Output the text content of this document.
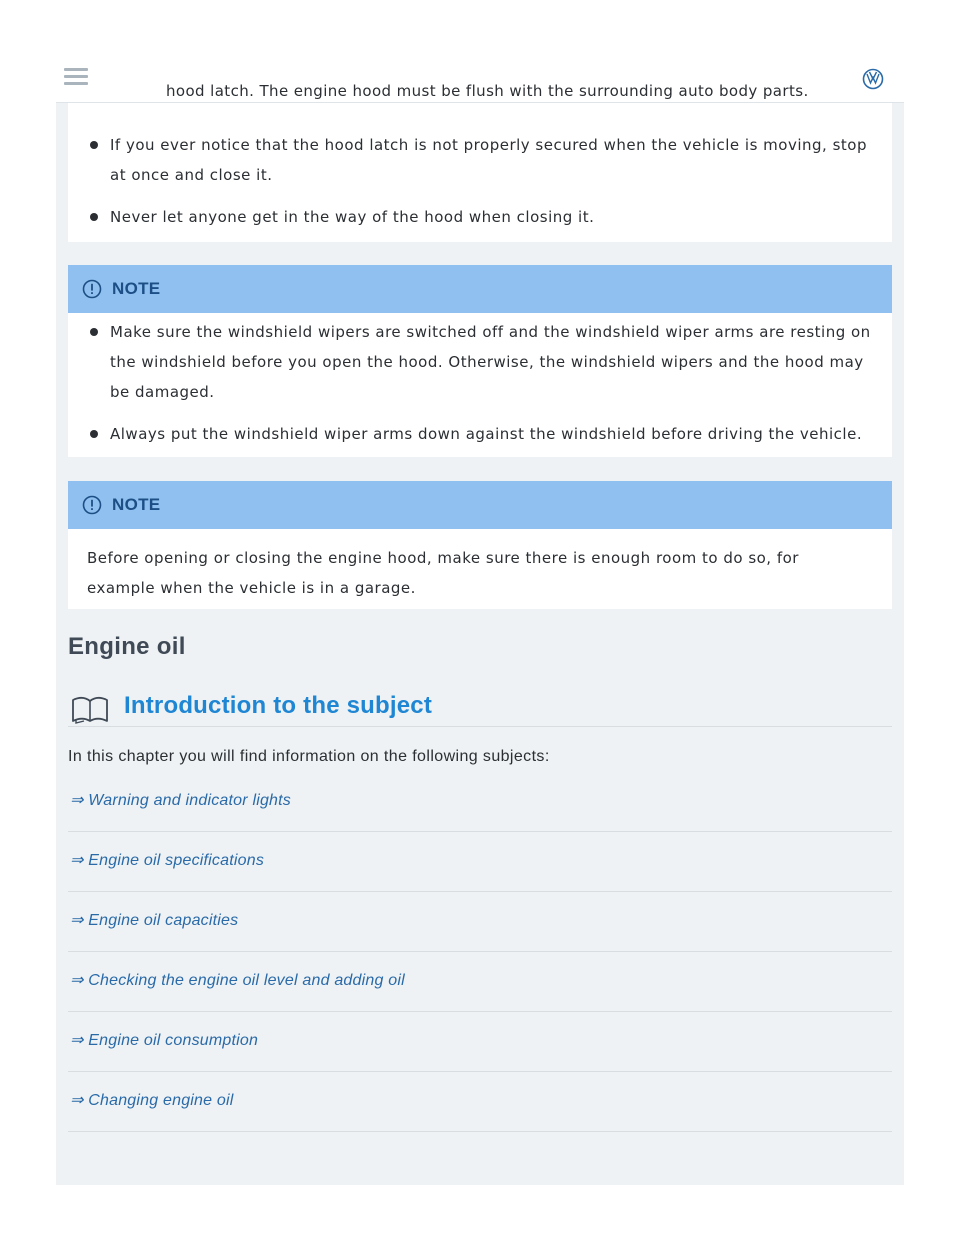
hood latch. The engine hood must be flush with the surrounding auto body parts.
If you ever notice that the hood latch is not properly secured when the vehicle is moving, stop at once and close it.
Never let anyone get in the way of the hood when closing it.
NOTE
Make sure the windshield wipers are switched off and the windshield wiper arms are resting on the windshield before you open the hood. Otherwise, the windshield wipers and the hood may be damaged.
Always put the windshield wiper arms down against the windshield before driving the vehicle.
NOTE
Before opening or closing the engine hood, make sure there is enough room to do so, for example when the vehicle is in a garage.
Engine oil
Introduction to the subject
In this chapter you will find information on the following subjects:
⇒ Warning and indicator lights
⇒ Engine oil specifications
⇒ Engine oil capacities
⇒ Checking the engine oil level and adding oil
⇒ Engine oil consumption
⇒ Changing engine oil
